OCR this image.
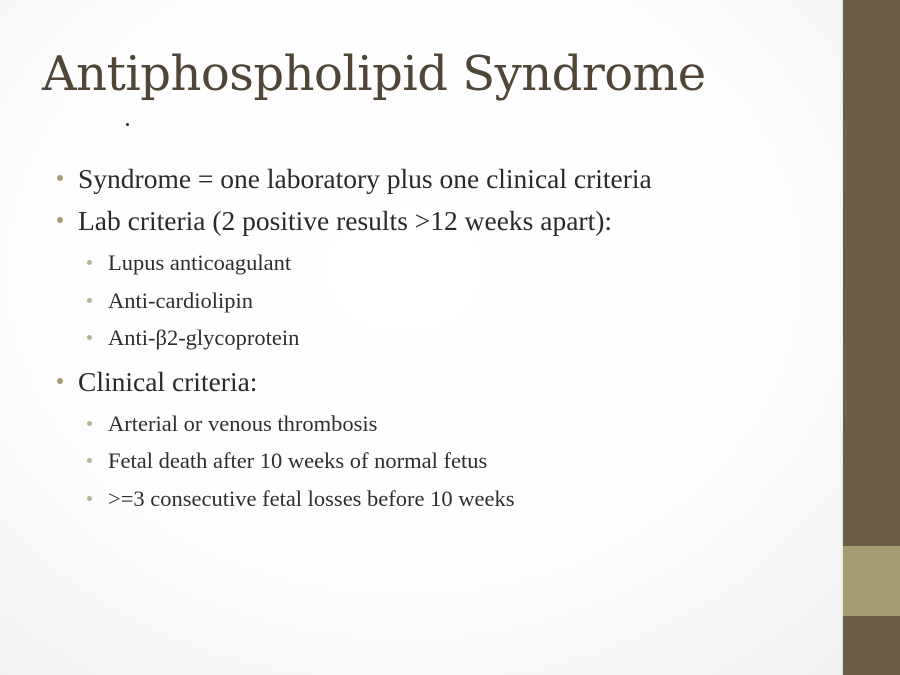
Antiphospholipid Syndrome
Syndrome = one laboratory plus one clinical criteria
Lab criteria (2 positive results >12 weeks apart):
Lupus anticoagulant
Anti-cardiolipin
Anti-β2-glycoprotein
Clinical criteria:
Arterial or venous thrombosis
Fetal death after 10 weeks of normal fetus
>=3 consecutive fetal losses before 10 weeks
